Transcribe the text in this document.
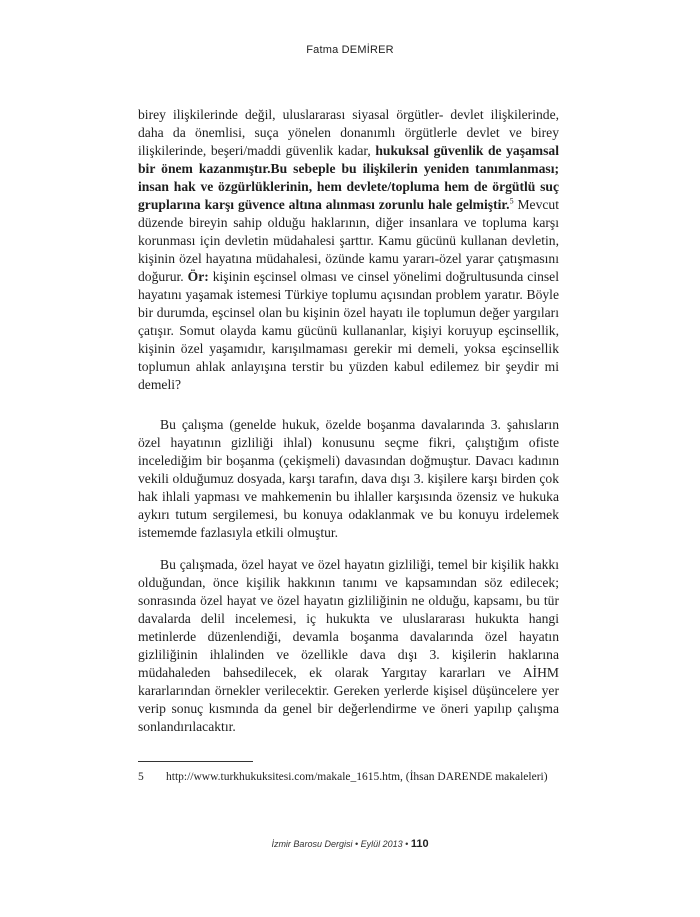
Fatma DEMİRER
birey ilişkilerinde değil, uluslararası siyasal örgütler- devlet ilişkilerinde, daha da önemlisi, suça yönelen donanımlı örgütlerle devlet ve birey ilişkilerinde, beşeri/maddi güvenlik kadar, hukuksal güvenlik de yaşamsal bir önem kazanmıştır.Bu sebeple bu ilişkilerin yeniden tanımlanması; insan hak ve özgürlüklerinin, hem devlete/topluma hem de örgütlü suç gruplarına karşı güvence altına alınması zorunlu hale gelmiştir.$^5$ Mevcut düzende bireyin sahip olduğu haklarının, diğer insanlara ve topluma karşı korunması için devletin müdahalesi şarttır. Kamu gücünü kullanan devletin, kişinin özel hayatına müdahalesi, özünde kamu yararı-özel yarar çatışmasını doğurur. Ör: kişinin eşcinsel olması ve cinsel yönelimi doğrultusunda cinsel hayatını yaşamak istemesi Türkiye toplumu açısından problem yaratır. Böyle bir durumda, eşcinsel olan bu kişinin özel hayatı ile toplumun değer yargıları çatışır. Somut olayda kamu gücünü kullananlar, kişiyi koruyup eşcinsellik, kişinin özel yaşamıdır, karışılmaması gerekir mi demeli, yoksa eşcinsellik toplumun ahlak anlayışına terstir bu yüzden kabul edilemez bir şeydir mi demeli?
Bu çalışma (genelde hukuk, özelde boşanma davalarında 3. şahısların özel hayatının gizliliği ihlal) konusunu seçme fikri, çalıştığım ofiste incelediğim bir boşanma (çekişmeli) davasından doğmuştur. Davacı kadının vekili olduğumuz dosyada, karşı tarafın, dava dışı 3. kişilere karşı birden çok hak ihlali yapması ve mahkemenin bu ihlaller karşısında özensiz ve hukuka aykırı tutum sergilemesi, bu konuya odaklanmak ve bu konuyu irdelemek istememde fazlasıyla etkili olmuştur.
Bu çalışmada, özel hayat ve özel hayatın gizliliği, temel bir kişilik hakkı olduğundan, önce kişilik hakkının tanımı ve kapsamından söz edilecek; sonrasında özel hayat ve özel hayatın gizliliğinin ne olduğu, kapsamı, bu tür davalarda delil incelemesi, iç hukukta ve uluslararası hukukta hangi metinlerde düzenlendiği, devamla boşanma davalarında özel hayatın gizliliğinin ihlalinden ve özellikle dava dışı 3. kişilerin haklarına müdahaleden bahsedilecek, ek olarak Yargıtay kararları ve AİHM kararlarından örnekler verilecektir. Gereken yerlerde kişisel düşüncelere yer verip sonuç kısmında da genel bir değerlendirme ve öneri yapılıp çalışma sonlandırılacaktır.
5 http://www.turkhukuksitesi.com/makale_1615.htm, (İhsan DARENDE makaleleri)
İzmir Barosu Dergisi • Eylül 2013 • 110
